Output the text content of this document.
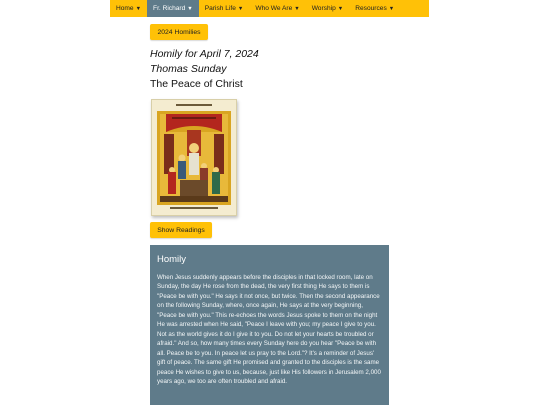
Home ▼ Fr. Richard ▼ Parish Life ▼ Who We Are ▼ Worship ▼ Resources ▼
2024 Homilies
Homily for April 7, 2024
Thomas Sunday
The Peace of Christ
Show Readings
Homily
When Jesus suddenly appears before the disciples in that locked room, late on Sunday, the day He rose from the dead, the very first thing He says to them is "Peace be with you." He says it not once, but twice. Then the second appearance on the following Sunday, where, once again, He says at the very beginning, "Peace be with you." This re-echoes the words Jesus spoke to them on the night He was arrested when He said, "Peace I leave with you; my peace I give to you. Not as the world gives it do I give it to you. Do not let your hearts be troubled or afraid." And so, how many times every Sunday here do you hear "Peace be with all. Peace be to you. In peace let us pray to the Lord."? It's a reminder of Jesus' gift of peace. The same gift He promised and granted to the disciples is the same peace He wishes to give to us, because, just like His followers in Jerusalem 2,000 years ago, we too are often troubled and afraid.
